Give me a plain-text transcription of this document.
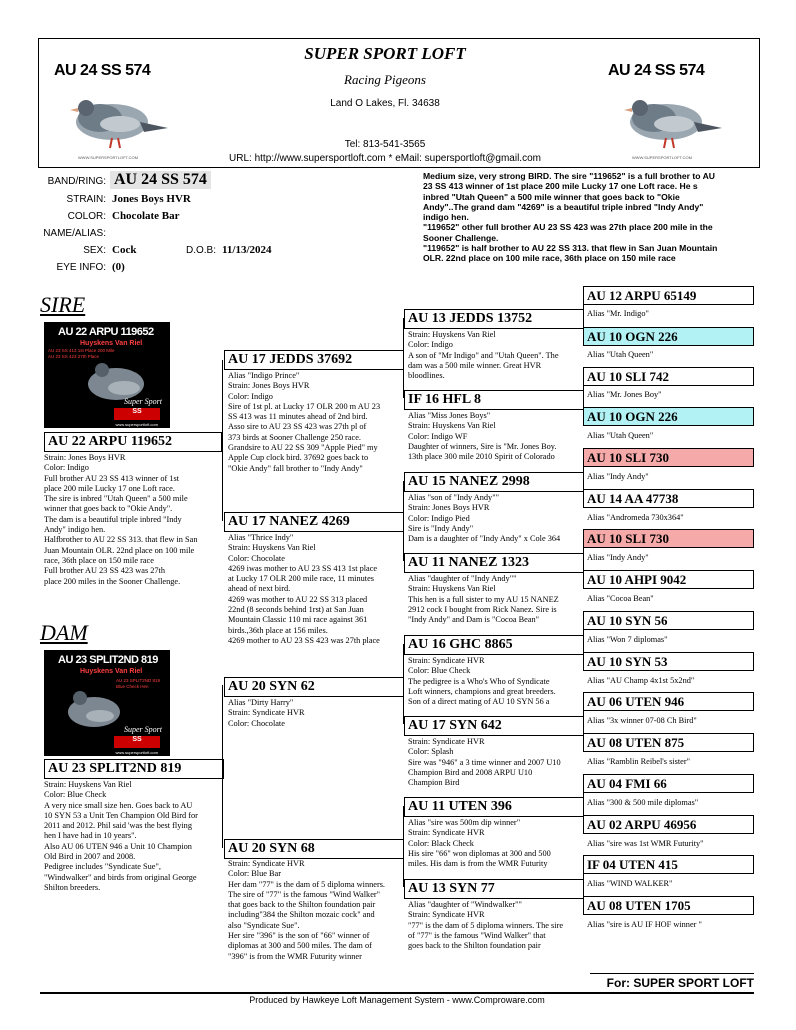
AU 24 SS 574
WWW.SUPERSPORTLOFT.COM
AU 24 SS 574
WWW.SUPERSPORTLOFT.COM
SUPER SPORT LOFT
Racing Pigeons
Land O Lakes, Fl. 34638
Tel: 813-541-3565
URL: http://www.supersportloft.com * eMail: supersportloft@gmail.com
BAND/RING: AU 24 SS 574
STRAIN: Jones Boys HVR
COLOR: Chocolate Bar
NAME/ALIAS:
SEX: Cock	D.O.B: 11/13/2024
EYE INFO: (0)
Medium size, very strong BIRD. The sire "119652" is a full brother to AU
23 SS 413 winner of 1st place 200 mile Lucky 17 one Loft race. He s
inbred "Utah Queen" a 500 mile winner that goes back to "Okie
Andy"..The grand dam "4269" is a beautiful triple inbred "Indy Andy"
indigo hen.
"119652" other full brother AU 23 SS 423 was 27th place 200 mile in the
Sooner Challenge.
"119652" is half brother to AU 22 SS 313. that flew in San Juan Mountain
OLR. 22nd place on 100 mile race, 36th place on 150 mile race
SIRE
AU 22 ARPU 119652
Huyskens Van Riel
AU 23 SS 413 1st Place 200 Mile
AU 23 SS 423 27th Place
Super Sport
SS
www.supersportloft.com
AU 22 ARPU 119652
Strain: Jones Boys HVR
Color: Indigo
Full brother AU 23 SS 413 winner of 1st
place 200 mile Lucky 17 one Loft race.
The sire is inbred "Utah Queen" a 500 mile
winner that goes back to "Okie Andy".
The dam is a beautiful triple inbred "Indy
Andy" indigo hen.
Halfbrother to AU 22 SS 313. that flew in San
Juan Mountain OLR. 22nd place on 100 mile
race, 36th place on 150 mile race
Full brother AU 23 SS 423 was 27th
place 200 miles in the Sooner Challenge.
DAM
AU 23 SPLIT2ND 819
Huyskens Van Riel
AU 23 SPLIT2ND 819
Blue Check Hen
Super Sport
SS
www.supersportloft.com
AU 23 SPLIT2ND 819
Strain: Huyskens Van Riel
Color: Blue Check
A very nice small size hen. Goes back to AU
10 SYN 53 a Unit Ten Champion Old Bird for
2011 and 2012. Phil said 'was the best flying
hen I have had in 10 years".
Also AU 06 UTEN 946 a Unit 10 Champion
Old Bird in 2007 and 2008.
Pedigree includes "Syndicate Sue",
"Windwalker" and birds from original George
Shilton breeders.
AU 17 JEDDS 37692
Alias "Indigo Prince"
Strain: Jones Boys HVR
Color: Indigo
Sire of 1st pl. at Lucky 17 OLR 200 m AU 23
SS 413 was 11 minutes ahead of 2nd bird.
Asso sire to AU 23 SS 423 was 27th pl of
373 birds at Sooner Challenge 250 race.
Grandsire to AU 22 SS 309 "Apple Pied" my
Apple Cup clock bird. 37692 goes back to
"Okie Andy" fall brother to "Indy Andy"
AU 17 NANEZ 4269
Alias "Thrice Indy"
Strain: Huyskens Van Riel
Color: Chocolate
4269 iwas mother to AU 23 SS 413 1st place
at Lucky 17 OLR 200 mile race, 11 minutes
ahead of next bird.
4269 was mother to AU 22 SS 313 placed
22nd (8 seconds behind 1rst) at San Juan
Mountain Classic 110 mi race against 361
birds.,36th place at 156 miles.
4269 mother to AU 23 SS 423 was 27th place
AU 20 SYN 62
Alias "Dirty Harry"
Strain: Syndicate HVR
Color: Chocolate
AU 20 SYN 68
Strain: Syndicate HVR
Color: Blue Bar
Her dam "77" is the dam of 5 diploma winners.
The sire of "77" is the famous "Wind Walker"
that goes back to the Shilton foundation pair
including"384 the Shilton mozaic cock" and
also "Syndicate Sue".
Her sire "396" is the son of "66" winner of
diplomas at 300 and 500 miles. The dam of
"396" is from the WMR Futurity winner
AU 13 JEDDS 13752
Strain: Huyskens Van Riel
Color: Indigo
A son of "Mr Indigo" and "Utah Queen". The
dam was a 500 mile winner. Great HVR
bloodlines.
IF 16 HFL 8
Alias "Miss Jones Boys"
Strain: Huyskens Van Riel
Color: Indigo WF
Daughter of winners, Sire is "Mr. Jones Boy.
13th place 300 mile 2010 Spirit of Colorado
AU 15 NANEZ 2998
Alias "son of "Indy Andy""
Strain: Jones Boys HVR
Color: Indigo Pied
Sire is "Indy Andy"
Dam is a daughter of "Indy Andy" x Cole 364
AU 11 NANEZ 1323
Alias "daughter of "Indy Andy""
Strain: Huyskens Van Riel
This hen is a full sister to my AU 15 NANEZ
2912 cock I bought from Rick Nanez. Sire is
"Indy Andy" and Dam is "Cocoa Bean"
AU 16 GHC 8865
Strain: Syndicate HVR
Color: Blue Check
The pedigree is a Who's Who of Syndicate
Loft winners, champions and great breeders.
Son of a direct mating of AU 10 SYN 56 a
AU 17 SYN 642
Strain: Syndicate HVR
Color: Splash
Sire was "946" a 3 time winner and 2007 U10
Champion Bird and 2008 ARPU U10
Champion Bird
AU 11 UTEN 396
Alias "sire was 500m dip winner"
Strain: Syndicate HVR
Color: Black Check
His sire "66" won diplomas at 300 and 500
miles. His dam is from the WMR Futurity
AU 13 SYN 77
Alias "daughter of "Windwalker""
Strain: Syndicate HVR
"77" is the dam of 5 diploma winners. The sire
of "77" is the famous "Wind Walker" that
goes back to the Shilton foundation pair
AU 12 ARPU 65149
Alias "Mr. Indigo"
AU 10 OGN 226
Alias "Utah Queen"
AU 10 SLI 742
Alias "Mr. Jones Boy"
AU 10 OGN 226
Alias "Utah Queen"
AU 10 SLI 730
Alias "Indy Andy"
AU 14 AA 47738
Alias "Andromeda 730x364"
AU 10 SLI 730
Alias "Indy Andy"
AU 10 AHPI 9042
Alias "Cocoa Bean"
AU 10 SYN 56
Alias "Won 7 diplomas"
AU 10 SYN 53
Alias "AU Champ 4x1st 5x2nd"
AU 06 UTEN 946
Alias "3x winner 07-08 Ch Bird"
AU 08 UTEN 875
Alias "Ramblin Reibel's sister"
AU 04 FMI 66
Alias "300 & 500 mile diplomas"
AU 02 ARPU 46956
Alias "sire was 1st WMR Futurity"
IF 04 UTEN 415
Alias "WIND WALKER"
AU 08 UTEN 1705
Alias "sire is AU IF HOF winner "
For: SUPER SPORT LOFT
Produced by Hawkeye Loft Management System - www.Comproware.com
